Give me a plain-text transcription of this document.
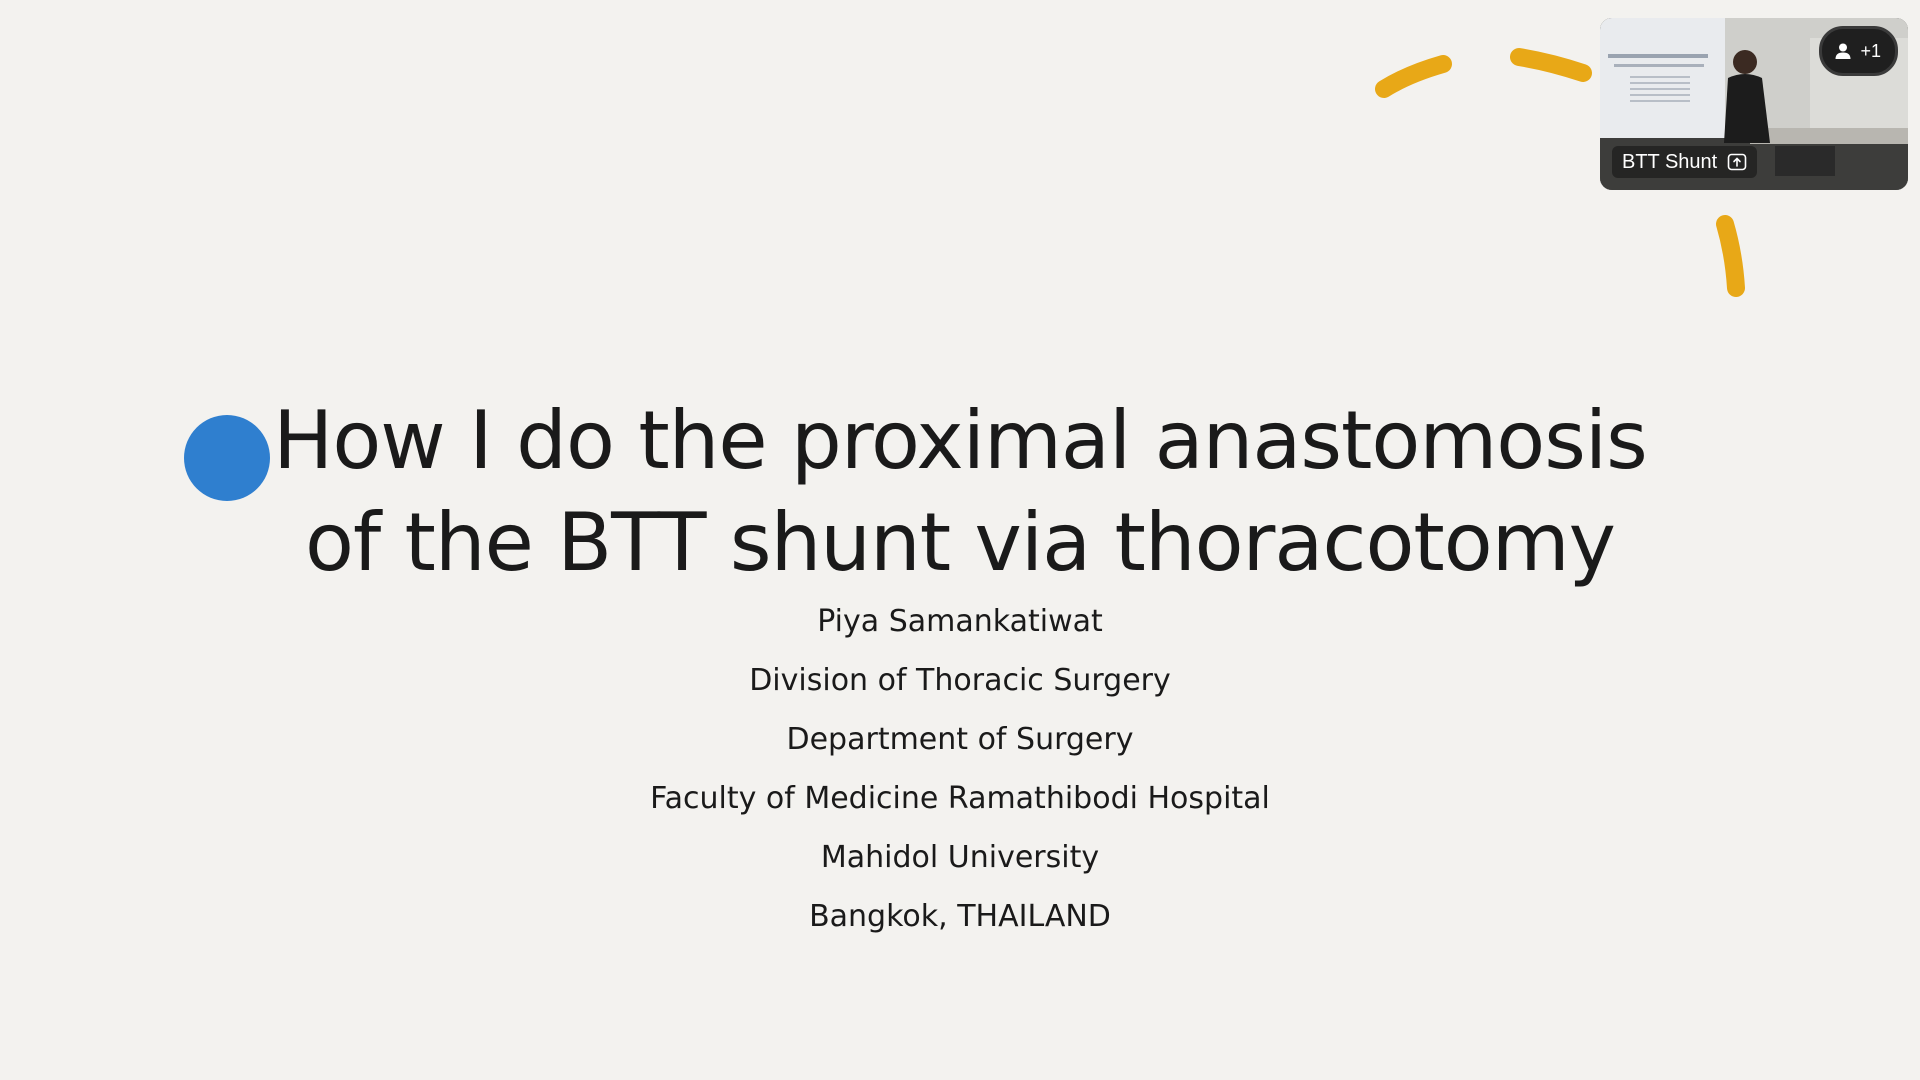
How I do the proximal anastomosis
of the BTT shunt via thoracotomy
Piya Samankatiwat
Division of Thoracic Surgery
Department of Surgery
Faculty of Medicine Ramathibodi Hospital
Mahidol University
Bangkok, THAILAND
BTT Shunt
+1
